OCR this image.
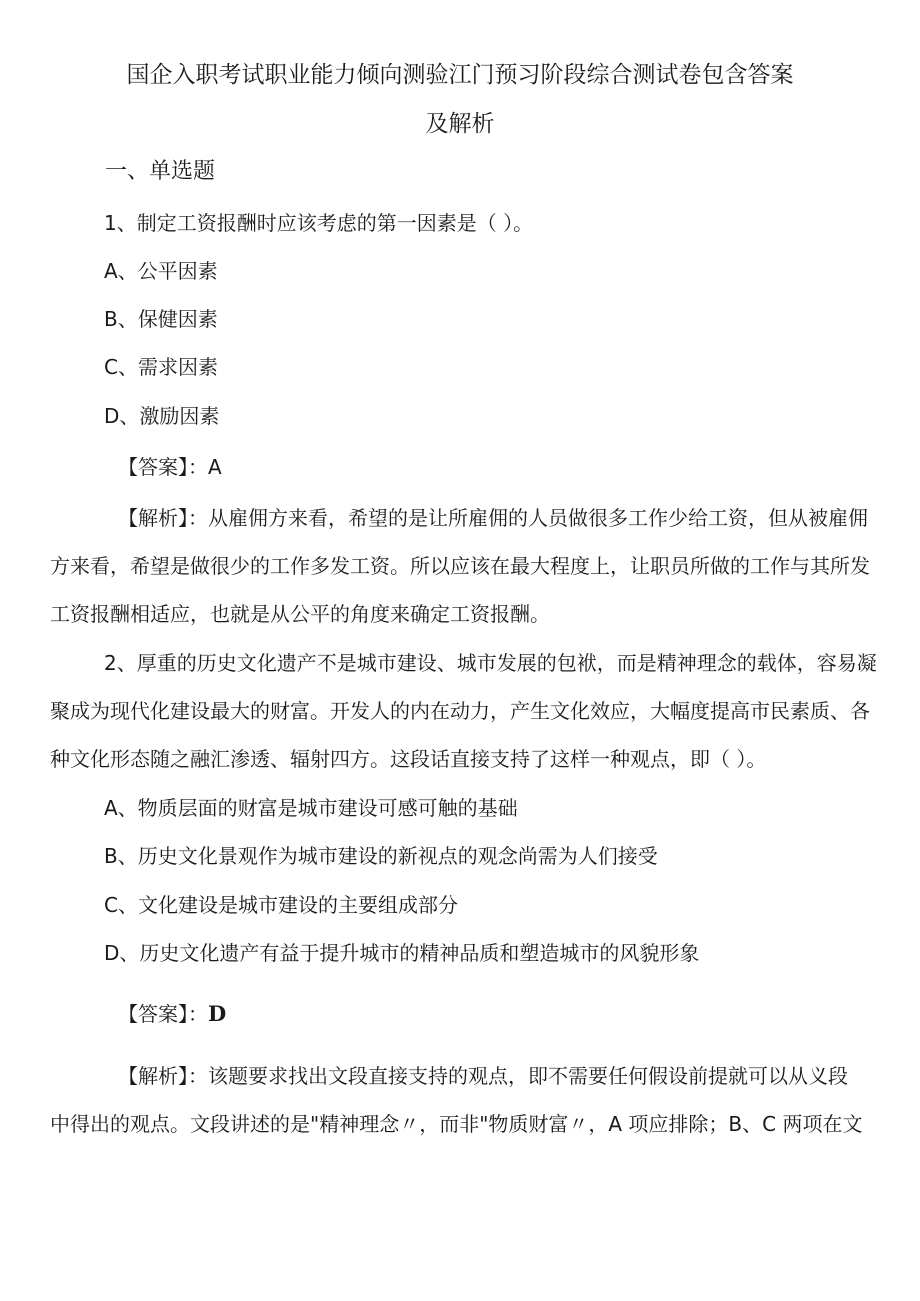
国企入职考试职业能力倾向测验江门预习阶段综合测试卷包含答案
及解析
一、单选题
1、制定工资报酬时应该考虑的第一因素是（ ）。
A、公平因素
B、保健因素
C、需求因素
D、激励因素
【答案】：A
【解析】：从雇佣方来看，希望的是让所雇佣的人员做很多工作少给工资，但从被雇佣
方来看，希望是做很少的工作多发工资。所以应该在最大程度上，让职员所做的工作与其所发
工资报酬相适应，也就是从公平的角度来确定工资报酬。
2、厚重的历史文化遗产不是城市建设、城市发展的包袱，而是精神理念的载体，容易凝
聚成为现代化建设最大的财富。开发人的内在动力，产生文化效应，大幅度提高市民素质、各
种文化形态随之融汇渗透、辐射四方。这段话直接支持了这样一种观点，即（ ）。
A、物质层面的财富是城市建设可感可触的基础
B、历史文化景观作为城市建设的新视点的观念尚需为人们接受
C、文化建设是城市建设的主要组成部分
D、历史文化遗产有益于提升城市的精神品质和塑造城市的风貌形象
【答案】：D
【解析】：该题要求找出文段直接支持的观点，即不需要任何假设前提就可以从义段
中得出的观点。文段讲述的是"精神理念〃，而非"物质财富〃，A 项应排除；B、C 两项在文
